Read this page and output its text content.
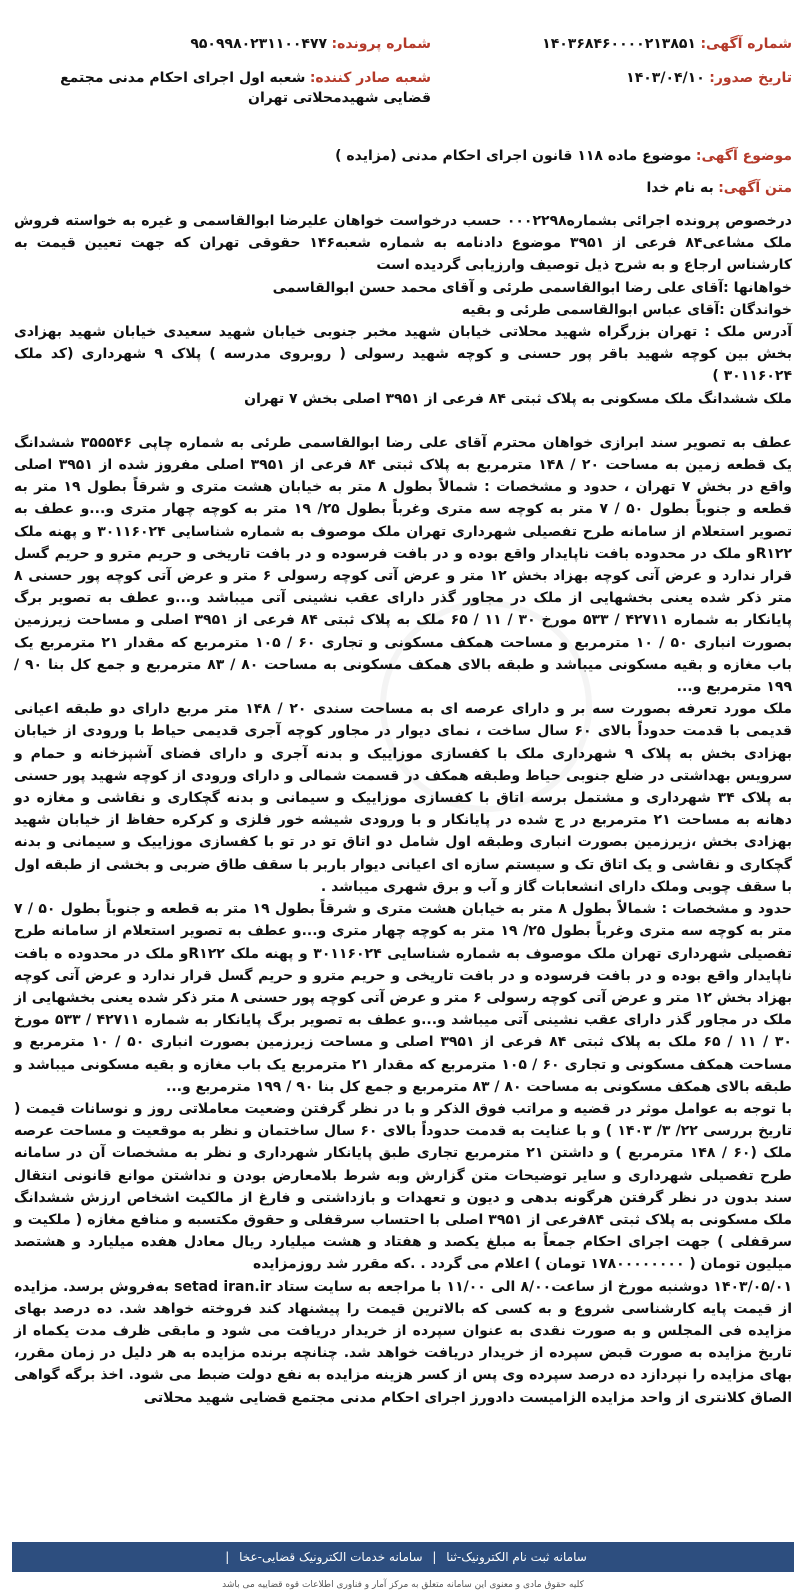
شماره آگهی: ۱۴۰۳۶۸۴۶۰۰۰۰۲۱۳۸۵۱
شماره پرونده: ۹۵۰۹۹۸۰۲۳۱۱۰۰۴۷۷
تاریخ صدور: ۱۴۰۳/۰۴/۱۰
شعبه صادر کننده: شعبه اول اجرای احکام مدنی مجتمع قضایی شهیدمحلاتی تهران
موضوع آگهی: موضوع ماده ۱۱۸ قانون اجرای احکام مدنی (مزایده )
متن آگهی: به نام خدا

درخصوص پرونده اجرائی بشماره۰۰۰۲۲۹۸ حسب درخواست خواهان علیرضا ابوالقاسمی و غیره به خواسته فروش ملک مشاعی۸۴ فرعی از ۳۹۵۱ موضوع دادنامه به شماره شعبه۱۴۶ حقوقی تهران که جهت تعیین قیمت به کارشناس ارجاع و به شرح ذیل توصیف وارزیابی گردیده است

خواهانها :آقای علی رضا ابوالقاسمی طرئی و آقای محمد حسن ابوالقاسمی

خواندگان :آقای عباس ابوالقاسمی طرئی و بقیه

آدرس ملک : تهران بزرگراه شهید محلاتی خیابان شهید مخبر جنوبی خیابان شهید سعیدی خیابان شهید بهزادی بخش بین کوچه شهید باقر پور حسنی و کوچه شهید رسولی ( روبروی مدرسه ) پلاک ۹ شهرداری (کد ملک ۳۰۱۱۶۰۲۴ )

ملک ششدانگ ملک مسکونی به پلاک ثبتی ۸۴ فرعی از ۳۹۵۱ اصلی بخش ۷ تهران

عطف به تصویر سند ابرازی خواهان محترم آقای علی رضا ابوالقاسمی طرئی به شماره چاپی ۳۵۵۵۴۶ ششدانگ یک قطعه زمین به مساحت ۲۰ / ۱۴۸ مترمربع به پلاک ثبتی ۸۴ فرعی از ۳۹۵۱ اصلی مفروز شده از ۳۹۵۱ اصلی واقع در بخش ۷ تهران ، حدود و مشخصات : شمالاً بطول ۸ متر به خیابان هشت متری و شرقاً بطول ۱۹ متر به قطعه و جنوباً بطول ۵۰ / ۷ متر به کوچه سه متری وغرباً بطول ۲۵/ ۱۹ متر به کوچه چهار متری و...و عطف به تصویر استعلام از سامانه طرح تفصیلی شهرداری تهران ملک موصوف به شماره شناسایی ۳۰۱۱۶۰۲۴ و پهنه ملک R۱۲۲و ملک در محدوده بافت ناپایدار واقع بوده و در بافت فرسوده و در بافت تاریخی و حریم مترو و حریم گسل قرار ندارد و عرض آتی کوچه بهزاد بخش ۱۲ متر و عرض آتی کوچه رسولی ۶ متر و عرض آتی کوچه پور حسنی ۸ متر ذکر شده یعنی بخشهایی از ملک در مجاور گذر دارای عقب نشینی آتی میباشد و...و عطف به تصویر برگ پایانکار به شماره ۴۲۷۱۱ / ۵۳۳ مورخ ۳۰ / ۱۱ / ۶۵ ملک به پلاک ثبتی ۸۴ فرعی از ۳۹۵۱ اصلی و مساحت زیرزمین بصورت انباری ۵۰ / ۱۰ مترمربع و مساحت همکف مسکونی و تجاری ۶۰ / ۱۰۵ مترمربع که مقدار ۲۱ مترمربع یک باب مغازه و بقیه مسکونی میباشد و طبقه بالای همکف مسکونی به مساحت ۸۰ / ۸۳ مترمربع و جمع کل بنا ۹۰ / ۱۹۹ مترمربع و...

ملک مورد تعرفه بصورت سه بر و دارای عرصه ای به مساحت سندی ۲۰ / ۱۴۸ متر مربع دارای دو طبقه اعیانی قدیمی با قدمت حدوداً بالای ۶۰ سال ساخت ، نمای دیوار در مجاور کوچه آجری قدیمی حیاط با ورودی از خیابان بهزادی بخش به پلاک ۹ شهرداری ملک با کفسازی موزاییک و بدنه آجری و دارای فضای آشپزخانه و حمام و سرویس بهداشتی در ضلع جنوبی حیاط وطبقه همکف در قسمت شمالی و دارای ورودی از کوچه شهید پور حسنی به پلاک ۳۴ شهرداری و مشتمل برسه اتاق با کفسازی موزاییک و سیمانی و بدنه گچکاری و نقاشی و مغازه دو دهانه به مساحت ۲۱ مترمربع در ج شده در پایانکار و با ورودی شیشه خور فلزی و کرکره حفاظ از خیابان شهید بهزادی بخش ،زیرزمین بصورت انباری وطبقه اول شامل دو اتاق تو در تو با کفسازی موزاییک و سیمانی و بدنه گچکاری و نقاشی و یک اتاق تک و سیستم سازه ای اعیانی دیوار باربر با سقف طاق ضربی و بخشی از طبقه اول با سقف چوبی وملک دارای انشعابات گاز و آب و برق شهری میباشد .

حدود و مشخصات : شمالاً بطول ۸ متر به خیابان هشت متری و شرقاً بطول ۱۹ متر به قطعه و جنوباً بطول ۵۰ / ۷ متر به کوچه سه متری وغرباً بطول ۲۵/ ۱۹ متر به کوچه چهار متری و...و عطف به تصویر استعلام از سامانه طرح تفصیلی شهرداری تهران ملک موصوف به شماره شناسایی ۳۰۱۱۶۰۲۴ و پهنه ملک R۱۲۲و ملک در محدوده ه بافت ناپایدار واقع بوده و در بافت فرسوده و در بافت تاریخی و حریم مترو و حریم گسل قرار ندارد و عرض آتی کوچه بهزاد بخش ۱۲ متر و عرض آتی کوچه رسولی ۶ متر و عرض آتی کوچه پور حسنی ۸ متر ذکر شده یعنی بخشهایی از ملک در مجاور گذر دارای عقب نشینی آتی میباشد و...و عطف به تصویر برگ پایانکار به شماره ۴۲۷۱۱ / ۵۳۳ مورخ ۳۰ / ۱۱ / ۶۵ ملک به پلاک ثبتی ۸۴ فرعی از ۳۹۵۱ اصلی و مساحت زیرزمین بصورت انباری ۵۰ / ۱۰ مترمربع و مساحت همکف مسکونی و تجاری ۶۰ / ۱۰۵ مترمربع که مقدار ۲۱ مترمربع یک باب مغازه و بقیه مسکونی میباشد و طبقه بالای همکف مسکونی به مساحت ۸۰ / ۸۳ مترمربع و جمع کل بنا ۹۰ / ۱۹۹ مترمربع و...

با توجه به عوامل موثر در قضیه و مراتب فوق الذکر و با در نظر گرفتن وضعیت معاملاتی روز و نوسانات قیمت ( تاریخ بررسی ۲۲/ ۳/ ۱۴۰۳ ) و با عنایت به قدمت حدوداً بالای ۶۰ سال ساختمان و نظر به موقعیت و مساحت عرصه ملک (۶۰ / ۱۴۸ مترمربع ) و داشتن ۲۱ مترمربع تجاری طبق پایانکار شهرداری و نظر به مشخصات آن در سامانه طرح تفصیلی شهرداری و سایر توضیحات متن گزارش وبه شرط بلامعارض بودن و نداشتن موانع قانونی انتقال سند بدون در نظر گرفتن هرگونه بدهی و دیون و تعهدات و بازداشتی و فارغ از مالکیت اشخاص ارزش ششدانگ ملک مسکونی به پلاک ثبتی ۸۴فرعی از ۳۹۵۱ اصلی با احتساب سرقفلی و حقوق مکتسبه و منافع مغازه ( ملکیت و سرقفلی ) جهت اجرای احکام جمعاً به مبلغ یکصد و هفتاد و هشت میلیارد ریال معادل هفده میلیارد و هشتصد میلیون تومان ( ۱۷۸۰۰۰۰۰۰۰۰ تومان ) اعلام می گردد . .که مقرر شد روزمزایده

۱۴۰۳/۰۵/۰۱ دوشنبه مورخ از ساعت۸/۰۰ الی ۱۱/۰۰ با مراجعه به سایت ستاد setad iran.ir به‌فروش برسد. مزایده از قیمت پایه کارشناسی شروع و به کسی که بالاترین قیمت را پیشنهاد کند فروخته خواهد شد. ده درصد بهای مزایده فی المجلس و به صورت نقدی به عنوان سپرده از خریدار دریافت می شود و مابقی ظرف مدت یکماه از تاریخ مزایده به صورت قبض سپرده از خریدار دریافت خواهد شد. چنانچه برنده مزایده به هر دلیل در زمان مقرر، بهای مزایده را نپردازد ده درصد سپرده وی پس از کسر هزینه مزایده به نفع دولت ضبط می شود. اخذ برگه گواهی الصاق کلانتری از واحد مزایده الزامیست دادورز اجرای احکام مدنی مجتمع قضایی شهید محلاتی

سامانه ثبت نام الکترونیک-ثنا | سامانه خدمات الکترونیک قضایی-عخا |
کلیه حقوق مادی و معنوی این سامانه متعلق به مرکز آمار و فناوری اطلاعات قوه قضاییه می باشد
